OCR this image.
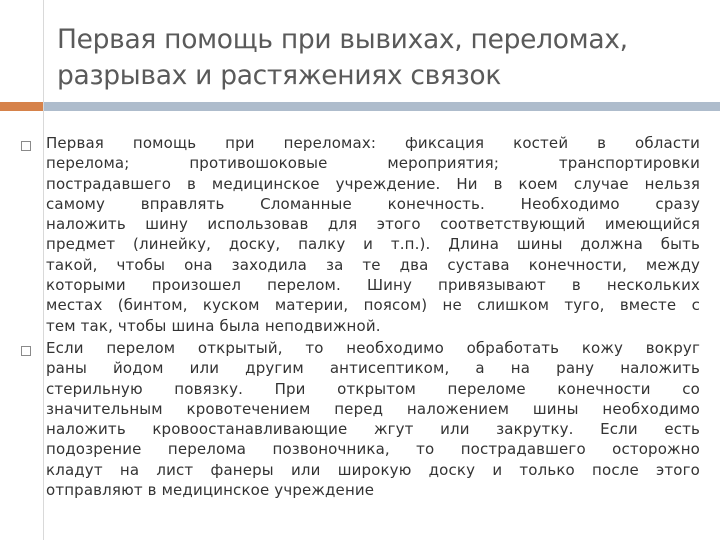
Первая помощь при вывихах, переломах,
разрывах и растяжениях связок
Первая помощь при переломах: фиксация костей в области
перелома; противошоковые мероприятия; транспортировки
пострадавшего в медицинское учреждение. Ни в коем случае нельзя
самому вправлять Сломанные конечность. Необходимо сразу
наложить шину использовав для этого соответствующий имеющийся
предмет (линейку, доску, палку и т.п.). Длина шины должна быть
такой, чтобы она заходила за те два сустава конечности, между
которыми произошел перелом. Шину привязывают в нескольких
местах (бинтом, куском материи, поясом) не слишком туго, вместе с
тем так, чтобы шина была неподвижной.
Если перелом открытый, то необходимо обработать кожу вокруг
раны йодом или другим антисептиком, а на рану наложить
стерильную повязку. При открытом переломе конечности со
значительным кровотечением перед наложением шины необходимо
наложить кровоостанавливающие жгут или закрутку. Если есть
подозрение перелома позвоночника, то пострадавшего осторожно
кладут на лист фанеры или широкую доску и только после этого
отправляют в медицинское учреждение
